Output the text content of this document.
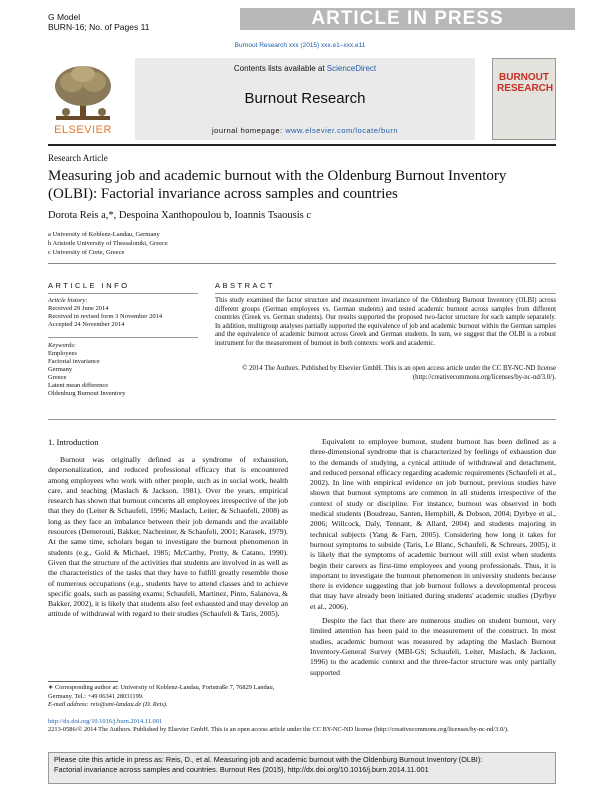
G Model
BURN-16; No. of Pages 11	ARTICLE IN PRESS
Burnout Research xxx (2015) xxx.e1–xxx.e11
ELSEVIER
Contents lists available at ScienceDirect
Burnout Research
journal homepage: www.elsevier.com/locate/burn
BURNOUT RESEARCH
Research Article
Measuring job and academic burnout with the Oldenburg Burnout Inventory (OLBI): Factorial invariance across samples and countries
Dorota Reis a,*, Despoina Xanthopoulou b, Ioannis Tsaousis c
a University of Koblenz-Landau, Germany
b Aristotle University of Thessaloniki, Greece
c University of Crete, Greece
ARTICLE INFO	ABSTRACT
Article history:
Received 29 June 2014
Received in revised form 3 November 2014
Accepted 24 November 2014
Keywords:
Employees
Factorial invariance
Germany
Greece
Latent mean difference
Oldenburg Burnout Inventory
This study examined the factor structure and measurement invariance of the Oldenburg Burnout Inventory (OLBI) across different groups (German employees vs. German students) and tested academic burnout across samples from different countries (Greek vs. German students). Our results supported the proposed two-factor structure for each sample separately. In addition, multigroup analyses partially supported the equivalence of job and academic burnout within the German samples and the equivalence of academic burnout across Greek and German students. In sum, we suggest that the OLBI is a robust instrument for the measurement of burnout in both contexts: work and academic.
© 2014 The Authors. Published by Elsevier GmbH. This is an open access article under the CC BY-NC-ND license (http://creativecommons.org/licenses/by-nc-nd/3.0/).
1. Introduction

Burnout was originally defined as a syndrome of exhaustion, depersonalization, and reduced professional efficacy that is encountered among employees who work with other people, such as in social work, health care, and teaching (Maslach & Jackson, 1981). Over the years, empirical research has shown that burnout concerns all employees irrespective of the job that they do (Leiter & Schaufeli, 1996; Maslach, Leiter, & Schaufeli, 2008) as long as they face an imbalance between their job demands and the available resources (Demerouti, Bakker, Nachreiner, & Schaufeli, 2001; Karasek, 1979). At the same time, scholars began to investigate the burnout phenomenon in students (e.g., Gold & Michael, 1985; McCarthy, Pretty, & Catano, 1990). Given that the structure of the activities that students are involved in as well as the characteristics of the tasks that they have to fulfill greatly resemble those of numerous occupations (e.g., students have to attend classes and to achieve specific goals, such as passing exams; Schaufeli, Martinez, Pinto, Salanova, & Bakker, 2002), it is likely that students also feel exhausted and may develop an attitude of withdrawal with regard to their studies (Schaufeli & Taris, 2005).

Equivalent to employee burnout, student burnout has been defined as a three-dimensional syndrome that is characterized by feelings of exhaustion due to the demands of studying, a cynical attitude of withdrawal and detachment, and reduced personal efficacy regarding academic requirements (Schaufeli et al., 2002). In line with empirical evidence on job burnout, previous studies have shown that burnout symptoms are common in all students irrespective of the context of study or discipline. For instance, burnout was observed in both medical students (Boudreau, Santen, Hemphill, & Dobson, 2004; Dyrbye et al., 2006; Willcock, Daly, Tennant, & Allard, 2004) and students majoring in technical subjects (Yang & Farn, 2005). Considering how long it takes for burnout symptoms to subside (Taris, Le Blanc, Schaufeli, & Schreurs, 2005), it is likely that the symptoms of academic burnout will still exist when students begin their careers as first-time employees and young professionals. Thus, it is important to investigate the burnout phenomenon in university students because there is evidence suggesting that job burnout follows a developmental process that may have already been initiated during students' academic studies (Dyrbye et al., 2006).

Despite the fact that there are numerous studies on student burnout, very limited attention has been paid to the measurement of the construct. In most studies, academic burnout was measured by adapting the Maslach Burnout Inventory-General Survey (MBI-GS; Schaufeli, Leiter, Maslach, & Jackson, 1996) to the academic context and the three-factor structure was only partially supported

∗ Corresponding author at: University of Koblenz-Landau, Fortstraße 7, 76829 Landau, Germany. Tel.: +49 06341 28031199.
E-mail address: reis@uni-landau.de (D. Reis).
http://dx.doi.org/10.1016/j.burn.2014.11.001
2213-0586/© 2014 The Authors. Published by Elsevier GmbH. This is an open access article under the CC BY-NC-ND license (http://creativecommons.org/licenses/by-nc-nd/3.0/).
Please cite this article in press as: Reis, D., et al. Measuring job and academic burnout with the Oldenburg Burnout Inventory (OLBI):
Factorial invariance across samples and countries. Burnout Res (2015), http://dx.doi.org/10.1016/j.burn.2014.11.001
